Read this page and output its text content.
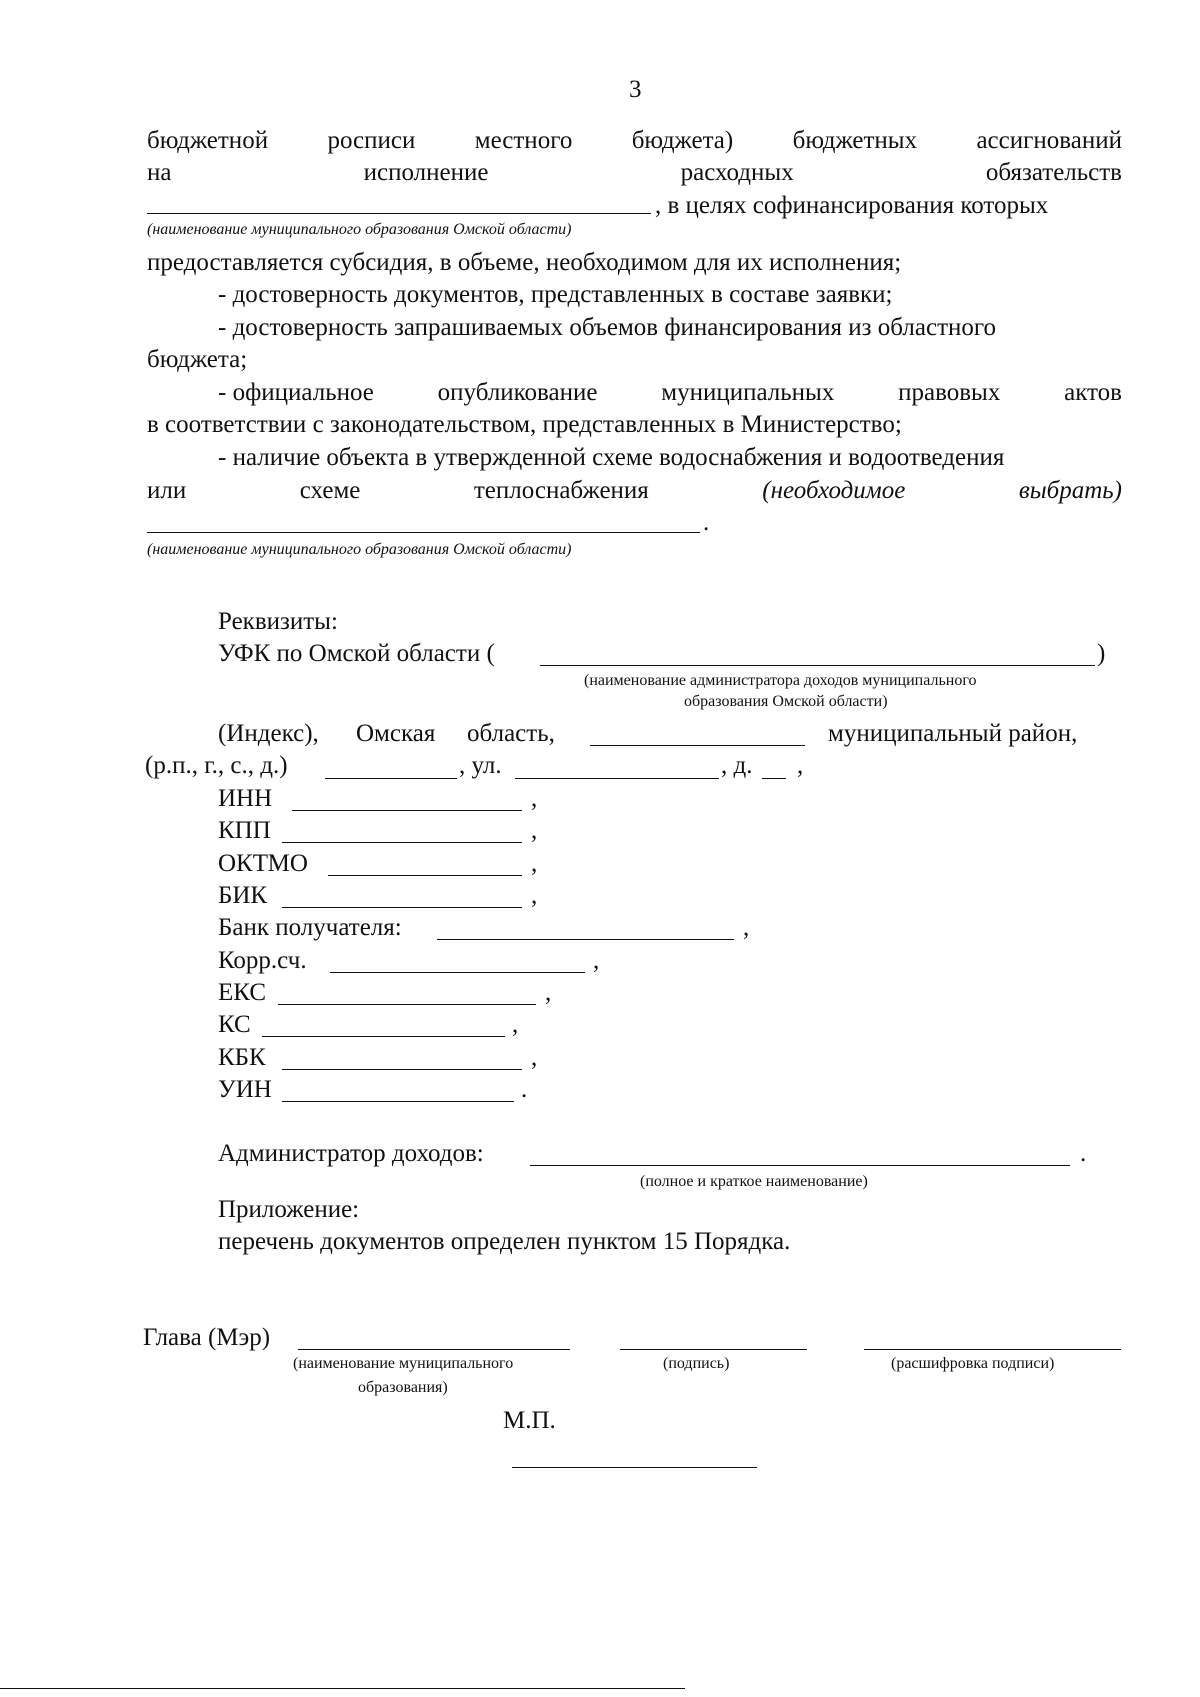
3
бюджетной росписи местного бюджета) бюджетных ассигнований
на	исполнение	расходных	обязательств
, в целях софинансирования которых
(наименование муниципального образования Омской области)
предоставляется субсидия, в объеме, необходимом для их исполнения;
- достоверность документов, представленных в составе заявки;
- достоверность запрашиваемых объемов финансирования из областного
бюджета;
- официальное	опубликование	муниципальных	правовых	актов
в соответствии с законодательством, представленных в Министерство;
- наличие объекта в утвержденной схеме водоснабжения и водоотведения
или	схеме	теплоснабжения	(необходимое	выбрать)
.
(наименование муниципального образования Омской области)
Реквизиты:
УФК по Омской области (	)
(наименование администратора доходов муниципального
образования Омской области)
(Индекс), Омская область,	муниципальный район,
(р.п., г., с., д.)	, ул.	, д. ,
ИНН	,
КПП	,
ОКТМО	,
БИК	,
Банк получателя:	,
Корр.сч.	,
ЕКС	,
КС	,
КБК	,
УИН	.
Администратор доходов:	.
(полное и краткое наименование)
Приложение:
перечень документов определен пунктом 15 Порядка.
Глава (Мэр)
(наименование муниципального
образования)
(подпись)	(расшифровка подписи)
М.П.
